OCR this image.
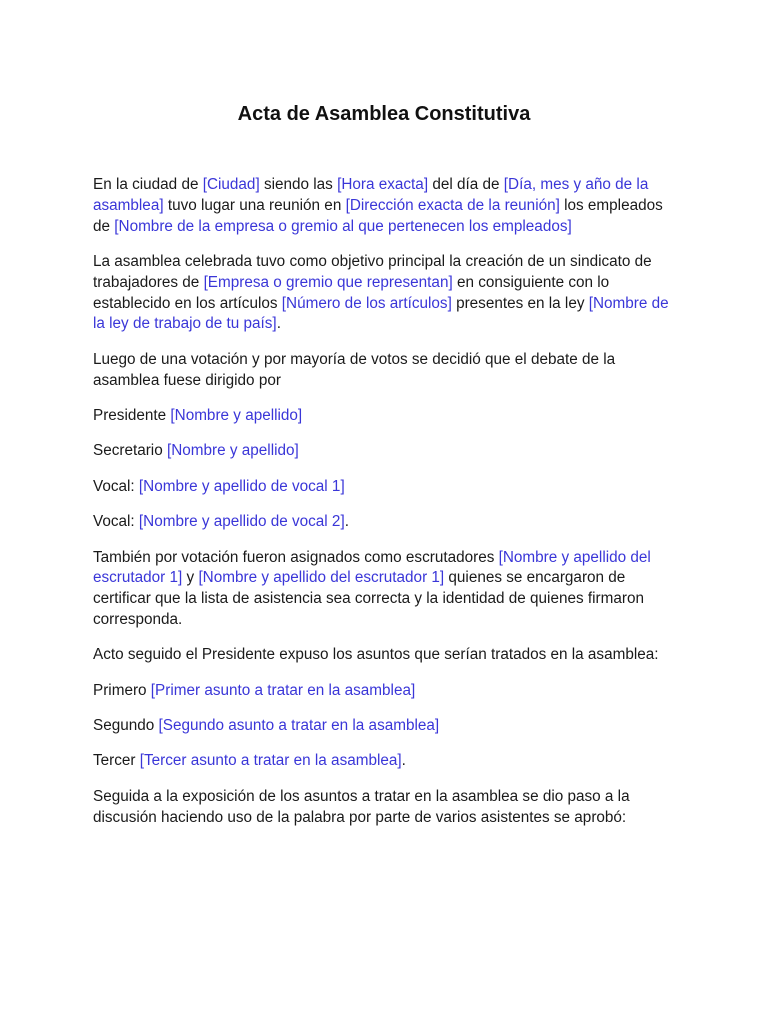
Acta de Asamblea Constitutiva

En la ciudad de [Ciudad] siendo las [Hora exacta] del día de [Día, mes y año de la asamblea] tuvo lugar una reunión en [Dirección exacta de la reunión] los empleados de [Nombre de la empresa o gremio al que pertenecen los empleados]

La asamblea celebrada tuvo como objetivo principal la creación de un sindicato de trabajadores de [Empresa o gremio que representan] en consiguiente con lo establecido en los artículos [Número de los artículos] presentes en la ley [Nombre de la ley de trabajo de tu país].

Luego de una votación y por mayoría de votos se decidió que el debate de la asamblea fuese dirigido por

Presidente [Nombre y apellido]

Secretario [Nombre y apellido]

Vocal: [Nombre y apellido de vocal 1]

Vocal: [Nombre y apellido de vocal 2].

También por votación fueron asignados como escrutadores [Nombre y apellido del escrutador 1] y [Nombre y apellido del escrutador 1] quienes se encargaron de certificar que la lista de asistencia sea correcta y la identidad de quienes firmaron corresponda.

Acto seguido el Presidente expuso los asuntos que serían tratados en la asamblea:

Primero [Primer asunto a tratar en la asamblea]

Segundo [Segundo asunto a tratar en la asamblea]

Tercer [Tercer asunto a tratar en la asamblea].

Seguida a la exposición de los asuntos a tratar en la asamblea se dio paso a la discusión haciendo uso de la palabra por parte de varios asistentes se aprobó:
